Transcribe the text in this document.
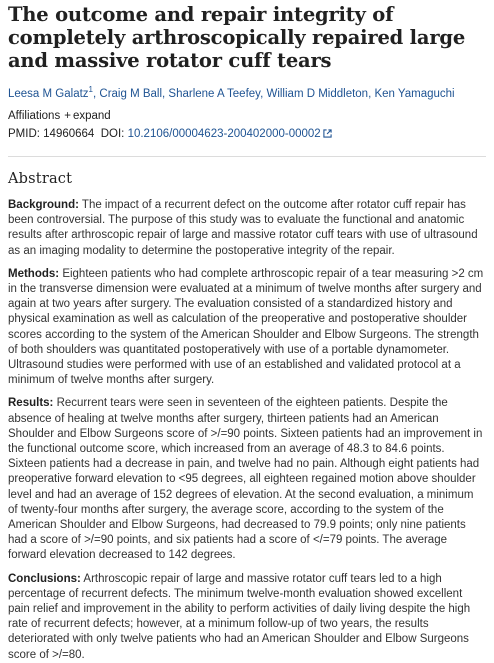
The outcome and repair integrity of completely arthroscopically repaired large and massive rotator cuff tears
Leesa M Galatz$^1$, Craig M Ball, Sharlene A Teefey, William D Middleton, Ken Yamaguchi
Affiliations + expand
PMID: 14960664 DOI: 10.2106/00004623-200402000-00002
Abstract

Background: The impact of a recurrent defect on the outcome after rotator cuff repair has been controversial. The purpose of this study was to evaluate the functional and anatomic results after arthroscopic repair of large and massive rotator cuff tears with use of ultrasound as an imaging modality to determine the postoperative integrity of the repair.

Methods: Eighteen patients who had complete arthroscopic repair of a tear measuring >2 cm in the transverse dimension were evaluated at a minimum of twelve months after surgery and again at two years after surgery. The evaluation consisted of a standardized history and physical examination as well as calculation of the preoperative and postoperative shoulder scores according to the system of the American Shoulder and Elbow Surgeons. The strength of both shoulders was quantitated postoperatively with use of a portable dynamometer. Ultrasound studies were performed with use of an established and validated protocol at a minimum of twelve months after surgery.

Results: Recurrent tears were seen in seventeen of the eighteen patients. Despite the absence of healing at twelve months after surgery, thirteen patients had an American Shoulder and Elbow Surgeons score of >/=90 points. Sixteen patients had an improvement in the functional outcome score, which increased from an average of 48.3 to 84.6 points. Sixteen patients had a decrease in pain, and twelve had no pain. Although eight patients had preoperative forward elevation to <95 degrees, all eighteen regained motion above shoulder level and had an average of 152 degrees of elevation. At the second evaluation, a minimum of twenty-four months after surgery, the average score, according to the system of the American Shoulder and Elbow Surgeons, had decreased to 79.9 points; only nine patients had a score of >/=90 points, and six patients had a score of </=79 points. The average forward elevation decreased to 142 degrees.

Conclusions: Arthroscopic repair of large and massive rotator cuff tears led to a high percentage of recurrent defects. The minimum twelve-month evaluation showed excellent pain relief and improvement in the ability to perform activities of daily living despite the high rate of recurrent defects; however, at a minimum follow-up of two years, the results deteriorated with only twelve patients who had an American Shoulder and Elbow Surgeons score of >/=80.
